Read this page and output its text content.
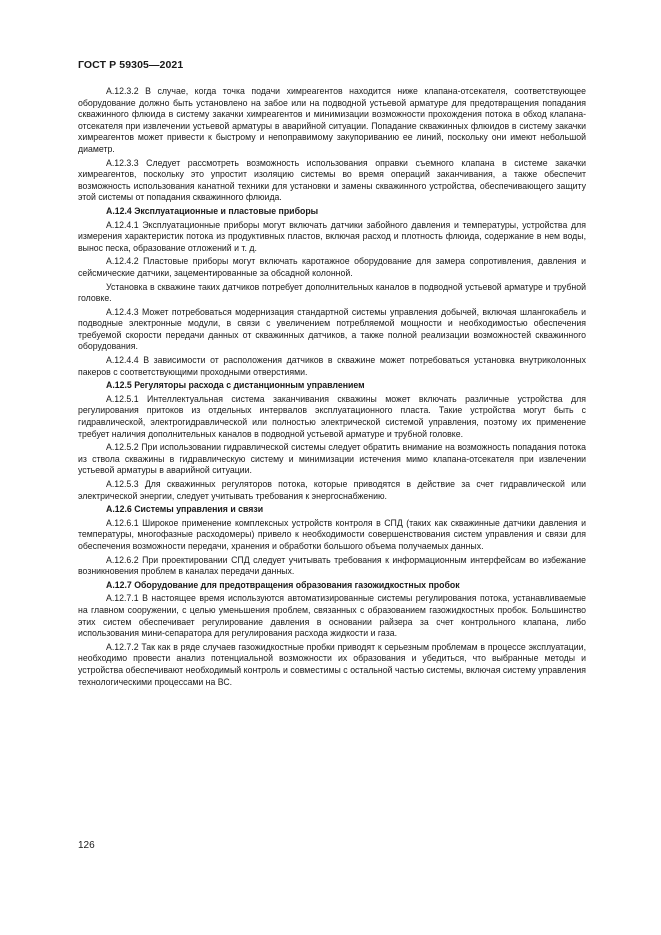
ГОСТ Р 59305—2021

A.12.3.2 В случае, когда точка подачи химреагентов находится ниже клапана-отсекателя, соответствующее оборудование должно быть установлено на забое или на подводной устьевой арматуре для предотвращения попадания скважинного флюида в систему закачки химреагентов и минимизации возможности прохождения потока в обход клапана-отсекателя при извлечении устьевой арматуры в аварийной ситуации. Попадание скважинных флюидов в систему закачки химреагентов может привести к быстрому и непоправимому закупориванию ее линий, поскольку они имеют небольшой диаметр.

A.12.3.3 Следует рассмотреть возможность использования оправки съемного клапана в системе закачки химреагентов, поскольку это упростит изоляцию системы во время операций заканчивания, а также обеспечит возможность использования канатной техники для установки и замены скважинного устройства, обеспечивающего защиту этой системы от попадания скважинного флюида.

A.12.4 Эксплуатационные и пластовые приборы

A.12.4.1 Эксплуатационные приборы могут включать датчики забойного давления и температуры, устройства для измерения характеристик потока из продуктивных пластов, включая расход и плотность флюида, содержание в нем воды, вынос песка, образование отложений и т. д.

A.12.4.2 Пластовые приборы могут включать каротажное оборудование для замера сопротивления, давления и сейсмические датчики, зацементированные за обсадной колонной.

Установка в скважине таких датчиков потребует дополнительных каналов в подводной устьевой арматуре и трубной головке.

A.12.4.3 Может потребоваться модернизация стандартной системы управления добычей, включая шлангокабель и подводные электронные модули, в связи с увеличением потребляемой мощности и необходимостью обеспечения требуемой скорости передачи данных от скважинных датчиков, а также полной реализации возможностей скважинного оборудования.

A.12.4.4 В зависимости от расположения датчиков в скважине может потребоваться установка внутриколонных пакеров с соответствующими проходными отверстиями.

A.12.5 Регуляторы расхода с дистанционным управлением

A.12.5.1 Интеллектуальная система заканчивания скважины может включать различные устройства для регулирования притоков из отдельных интервалов эксплуатационного пласта. Такие устройства могут быть с гидравлической, электрогидравлической или полностью электрической системой управления, поэтому их применение требует наличия дополнительных каналов в подводной устьевой арматуре и трубной головке.

A.12.5.2 При использовании гидравлической системы следует обратить внимание на возможность попадания потока из ствола скважины в гидравлическую систему и минимизации истечения мимо клапана-отсекателя при извлечении устьевой арматуры в аварийной ситуации.

A.12.5.3 Для скважинных регуляторов потока, которые приводятся в действие за счет гидравлической или электрической энергии, следует учитывать требования к энергоснабжению.

A.12.6 Системы управления и связи

A.12.6.1 Широкое применение комплексных устройств контроля в СПД (таких как скважинные датчики давления и температуры, многофазные расходомеры) привело к необходимости совершенствования систем управления и связи для обеспечения возможности передачи, хранения и обработки большого объема получаемых данных.

A.12.6.2 При проектировании СПД следует учитывать требования к информационным интерфейсам во избежание возникновения проблем в каналах передачи данных.

A.12.7 Оборудование для предотвращения образования газожидкостных пробок

A.12.7.1 В настоящее время используются автоматизированные системы регулирования потока, устанавливаемые на главном сооружении, с целью уменьшения проблем, связанных с образованием газожидкостных пробок. Большинство этих систем обеспечивает регулирование давления в основании райзера за счет контрольного клапана, либо использования мини-сепаратора для регулирования расхода жидкости и газа.

A.12.7.2 Так как в ряде случаев газожидкостные пробки приводят к серьезным проблемам в процессе эксплуатации, необходимо провести анализ потенциальной возможности их образования и убедиться, что выбранные методы и устройства обеспечивают необходимый контроль и совместимы с остальной частью системы, включая систему управления технологическими процессами на ВС.

126
